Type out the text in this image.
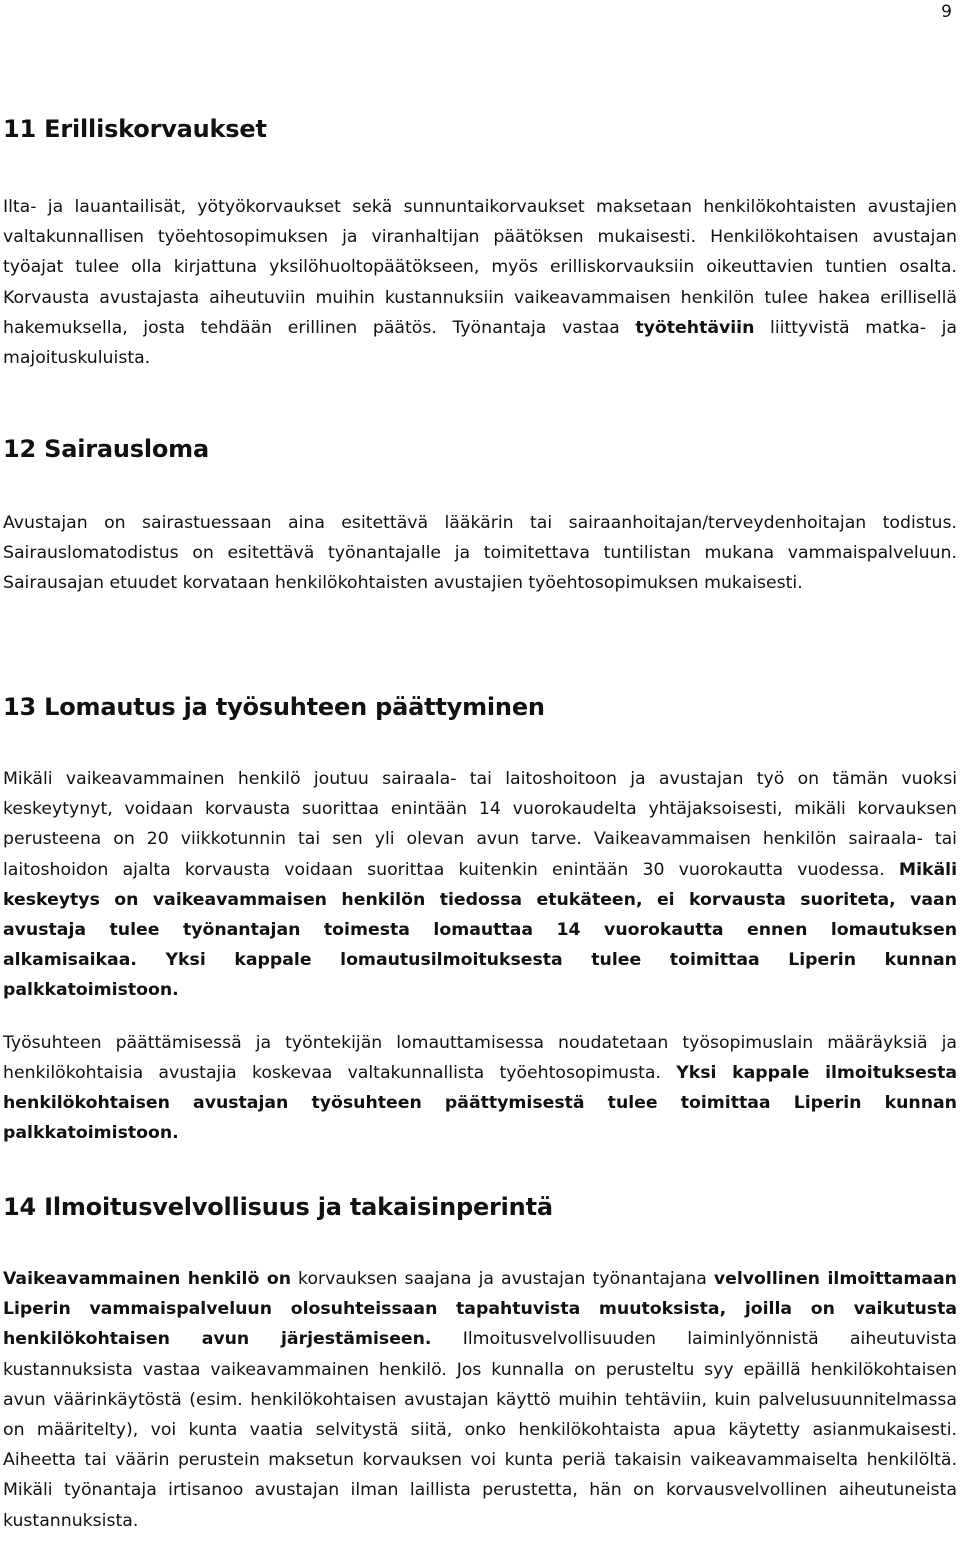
9
11 Erilliskorvaukset

Ilta- ja lauantailisät, yötyökorvaukset sekä sunnuntaikorvaukset maksetaan henkilökohtaisten avustajien valtakunnallisen työehtosopimuksen ja viranhaltijan päätöksen mukaisesti. Henkilökohtaisen avustajan työajat tulee olla kirjattuna yksilöhuoltopäätökseen, myös erilliskorvauksiin oikeuttavien tuntien osalta. Korvausta avustajasta aiheutuviin muihin kustannuksiin vaikeavammaisen henkilön tulee hakea erillisellä hakemuksella, josta tehdään erillinen päätös. Työnantaja vastaa työtehtäviin liittyvistä matka- ja majoituskuluista.

12 Sairausloma

Avustajan on sairastuessaan aina esitettävä lääkärin tai sairaanhoitajan/terveydenhoitajan todistus. Sairauslomatodistus on esitettävä työnantajalle ja toimitettava tuntilistan mukana vammaispalveluun. Sairausajan etuudet korvataan henkilökohtaisten avustajien työehtosopimuksen mukaisesti.

13 Lomautus ja työsuhteen päättyminen

Mikäli vaikeavammainen henkilö joutuu sairaala- tai laitoshoitoon ja avustajan työ on tämän vuoksi keskeytynyt, voidaan korvausta suorittaa enintään 14 vuorokaudelta yhtäjaksoisesti, mikäli korvauksen perusteena on 20 viikkotunnin tai sen yli olevan avun tarve. Vaikeavammaisen henkilön sairaala- tai laitoshoidon ajalta korvausta voidaan suorittaa kuitenkin enintään 30 vuorokautta vuodessa. Mikäli keskeytys on vaikeavammaisen henkilön tiedossa etukäteen, ei korvausta suoriteta, vaan avustaja tulee työnantajan toimesta lomauttaa 14 vuorokautta ennen lomautuksen alkamisaikaa. Yksi kappale lomautusilmoituksesta tulee toimittaa Liperin kunnan palkkatoimistoon.

Työsuhteen päättämisessä ja työntekijän lomauttamisessa noudatetaan työsopimuslain määräyksiä ja henkilökohtaisia avustajia koskevaa valtakunnallista työehtosopimusta. Yksi kappale ilmoituksesta henkilökohtaisen avustajan työsuhteen päättymisestä tulee toimittaa Liperin kunnan palkkatoimistoon.

14 Ilmoitusvelvollisuus ja takaisinperintä

Vaikeavammainen henkilö on korvauksen saajana ja avustajan työnantajana velvollinen ilmoittamaan Liperin vammaispalveluun olosuhteissaan tapahtuvista muutoksista, joilla on vaikutusta henkilökohtaisen avun järjestämiseen. Ilmoitusvelvollisuuden laiminlyönnistä aiheutuvista kustannuksista vastaa vaikeavammainen henkilö. Jos kunnalla on perusteltu syy epäillä henkilökohtaisen avun väärinkäytöstä (esim. henkilökohtaisen avustajan käyttö muihin tehtäviin, kuin palvelusuunnitelmassa on määritelty), voi kunta vaatia selvitystä siitä, onko henkilökohtaista apua käytetty asianmukaisesti. Aiheetta tai väärin perustein maksetun korvauksen voi kunta periä takaisin vaikeavammaiselta henkilöltä. Mikäli työnantaja irtisanoo avustajan ilman laillista perustetta, hän on korvausvelvollinen aiheutuneista kustannuksista.
